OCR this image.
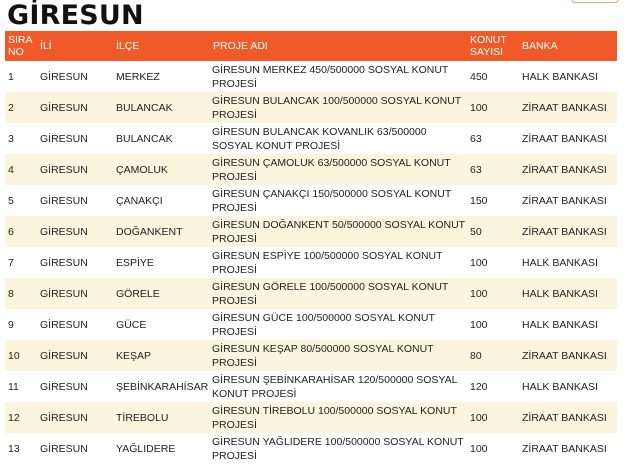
GİRESUN
SIRA NO	İLİ	İLÇE	PROJE ADI	KONUT SAYISI	BANKA
1	GİRESUN	MERKEZ	GİRESUN MERKEZ 450/500000 SOSYAL KONUT PROJESİ	450	HALK BANKASI
2	GİRESUN	BULANCAK	GİRESUN BULANCAK 100/500000 SOSYAL KONUT PROJESİ	100	ZİRAAT BANKASI
3	GİRESUN	BULANCAK	GİRESUN BULANCAK KOVANLIK 63/500000 SOSYAL KONUT PROJESİ	63	ZİRAAT BANKASI
4	GİRESUN	ÇAMOLUK	GİRESUN ÇAMOLUK 63/500000 SOSYAL KONUT PROJESİ	63	ZİRAAT BANKASI
5	GİRESUN	ÇANAKÇI	GİRESUN ÇANAKÇI 150/500000 SOSYAL KONUT PROJESİ	150	ZİRAAT BANKASI
6	GİRESUN	DOĞANKENT	GİRESUN DOĞANKENT 50/500000 SOSYAL KONUT PROJESİ	50	ZİRAAT BANKASI
7	GİRESUN	ESPİYE	GİRESUN ESPİYE 100/500000 SOSYAL KONUT PROJESİ	100	HALK BANKASI
8	GİRESUN	GÖRELE	GİRESUN GÖRELE 100/500000 SOSYAL KONUT PROJESİ	100	HALK BANKASI
9	GİRESUN	GÜCE	GİRESUN GÜCE 100/500000 SOSYAL KONUT PROJESİ	100	HALK BANKASI
10	GİRESUN	KEŞAP	GİRESUN KEŞAP 80/500000 SOSYAL KONUT PROJESİ	80	ZİRAAT BANKASI
11	GİRESUN	ŞEBİNKARAHİSAR	GİRESUN ŞEBİNKARAHİSAR 120/500000 SOSYAL KONUT PROJESİ	120	HALK BANKASI
12	GİRESUN	TİREBOLU	GİRESUN TİREBOLU 100/500000 SOSYAL KONUT PROJESİ	100	ZİRAAT BANKASI
13	GİRESUN	YAĞLIDERE	GİRESUN YAĞLIDERE 100/500000 SOSYAL KONUT PROJESİ	100	ZİRAAT BANKASI
